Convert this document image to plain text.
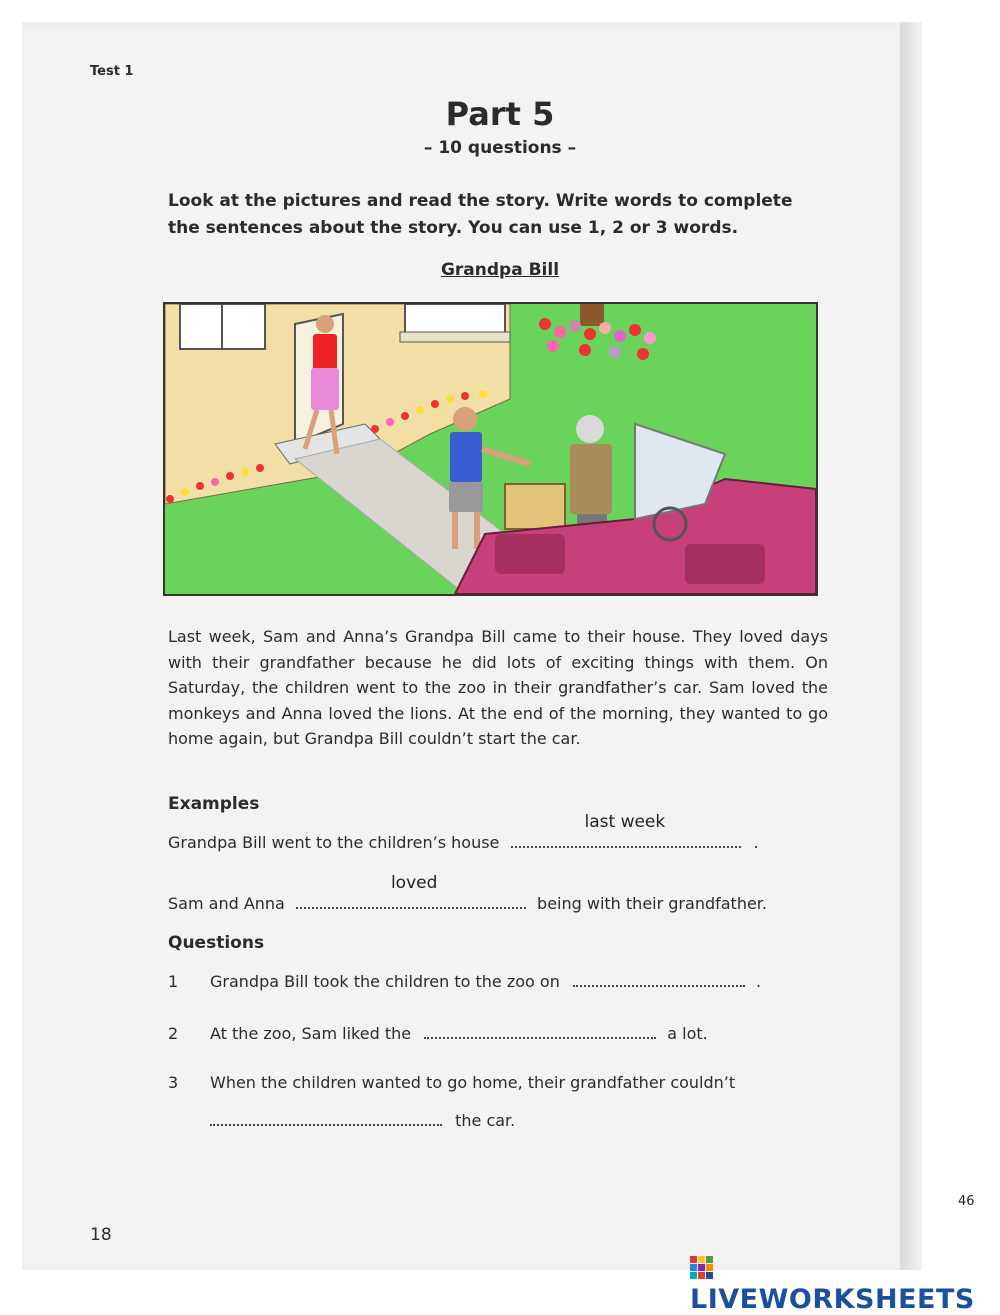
Test 1
Part 5
– 10 questions –
Look at the pictures and read the story. Write words to complete the sentences about the story. You can use 1, 2 or 3 words.
Grandpa Bill
Last week, Sam and Anna’s Grandpa Bill came to their house. They loved days with their grandfather because he did lots of exciting things with them. On Saturday, the children went to the zoo in their grandfather’s car. Sam loved the monkeys and Anna loved the lions. At the end of the morning, they wanted to go home again, but Grandpa Bill couldn’t start the car.
Examples
Grandpa Bill went to the children’s house
last week
.
Sam and Anna
loved
being with their grandfather.
Questions
1 Grandpa Bill took the children to the zoo on	.
2 At the zoo, Sam liked the	a lot.
3 When the children wanted to go home, their grandfather couldn’t
the car.
18
46
LIVEWORKSHEETS
